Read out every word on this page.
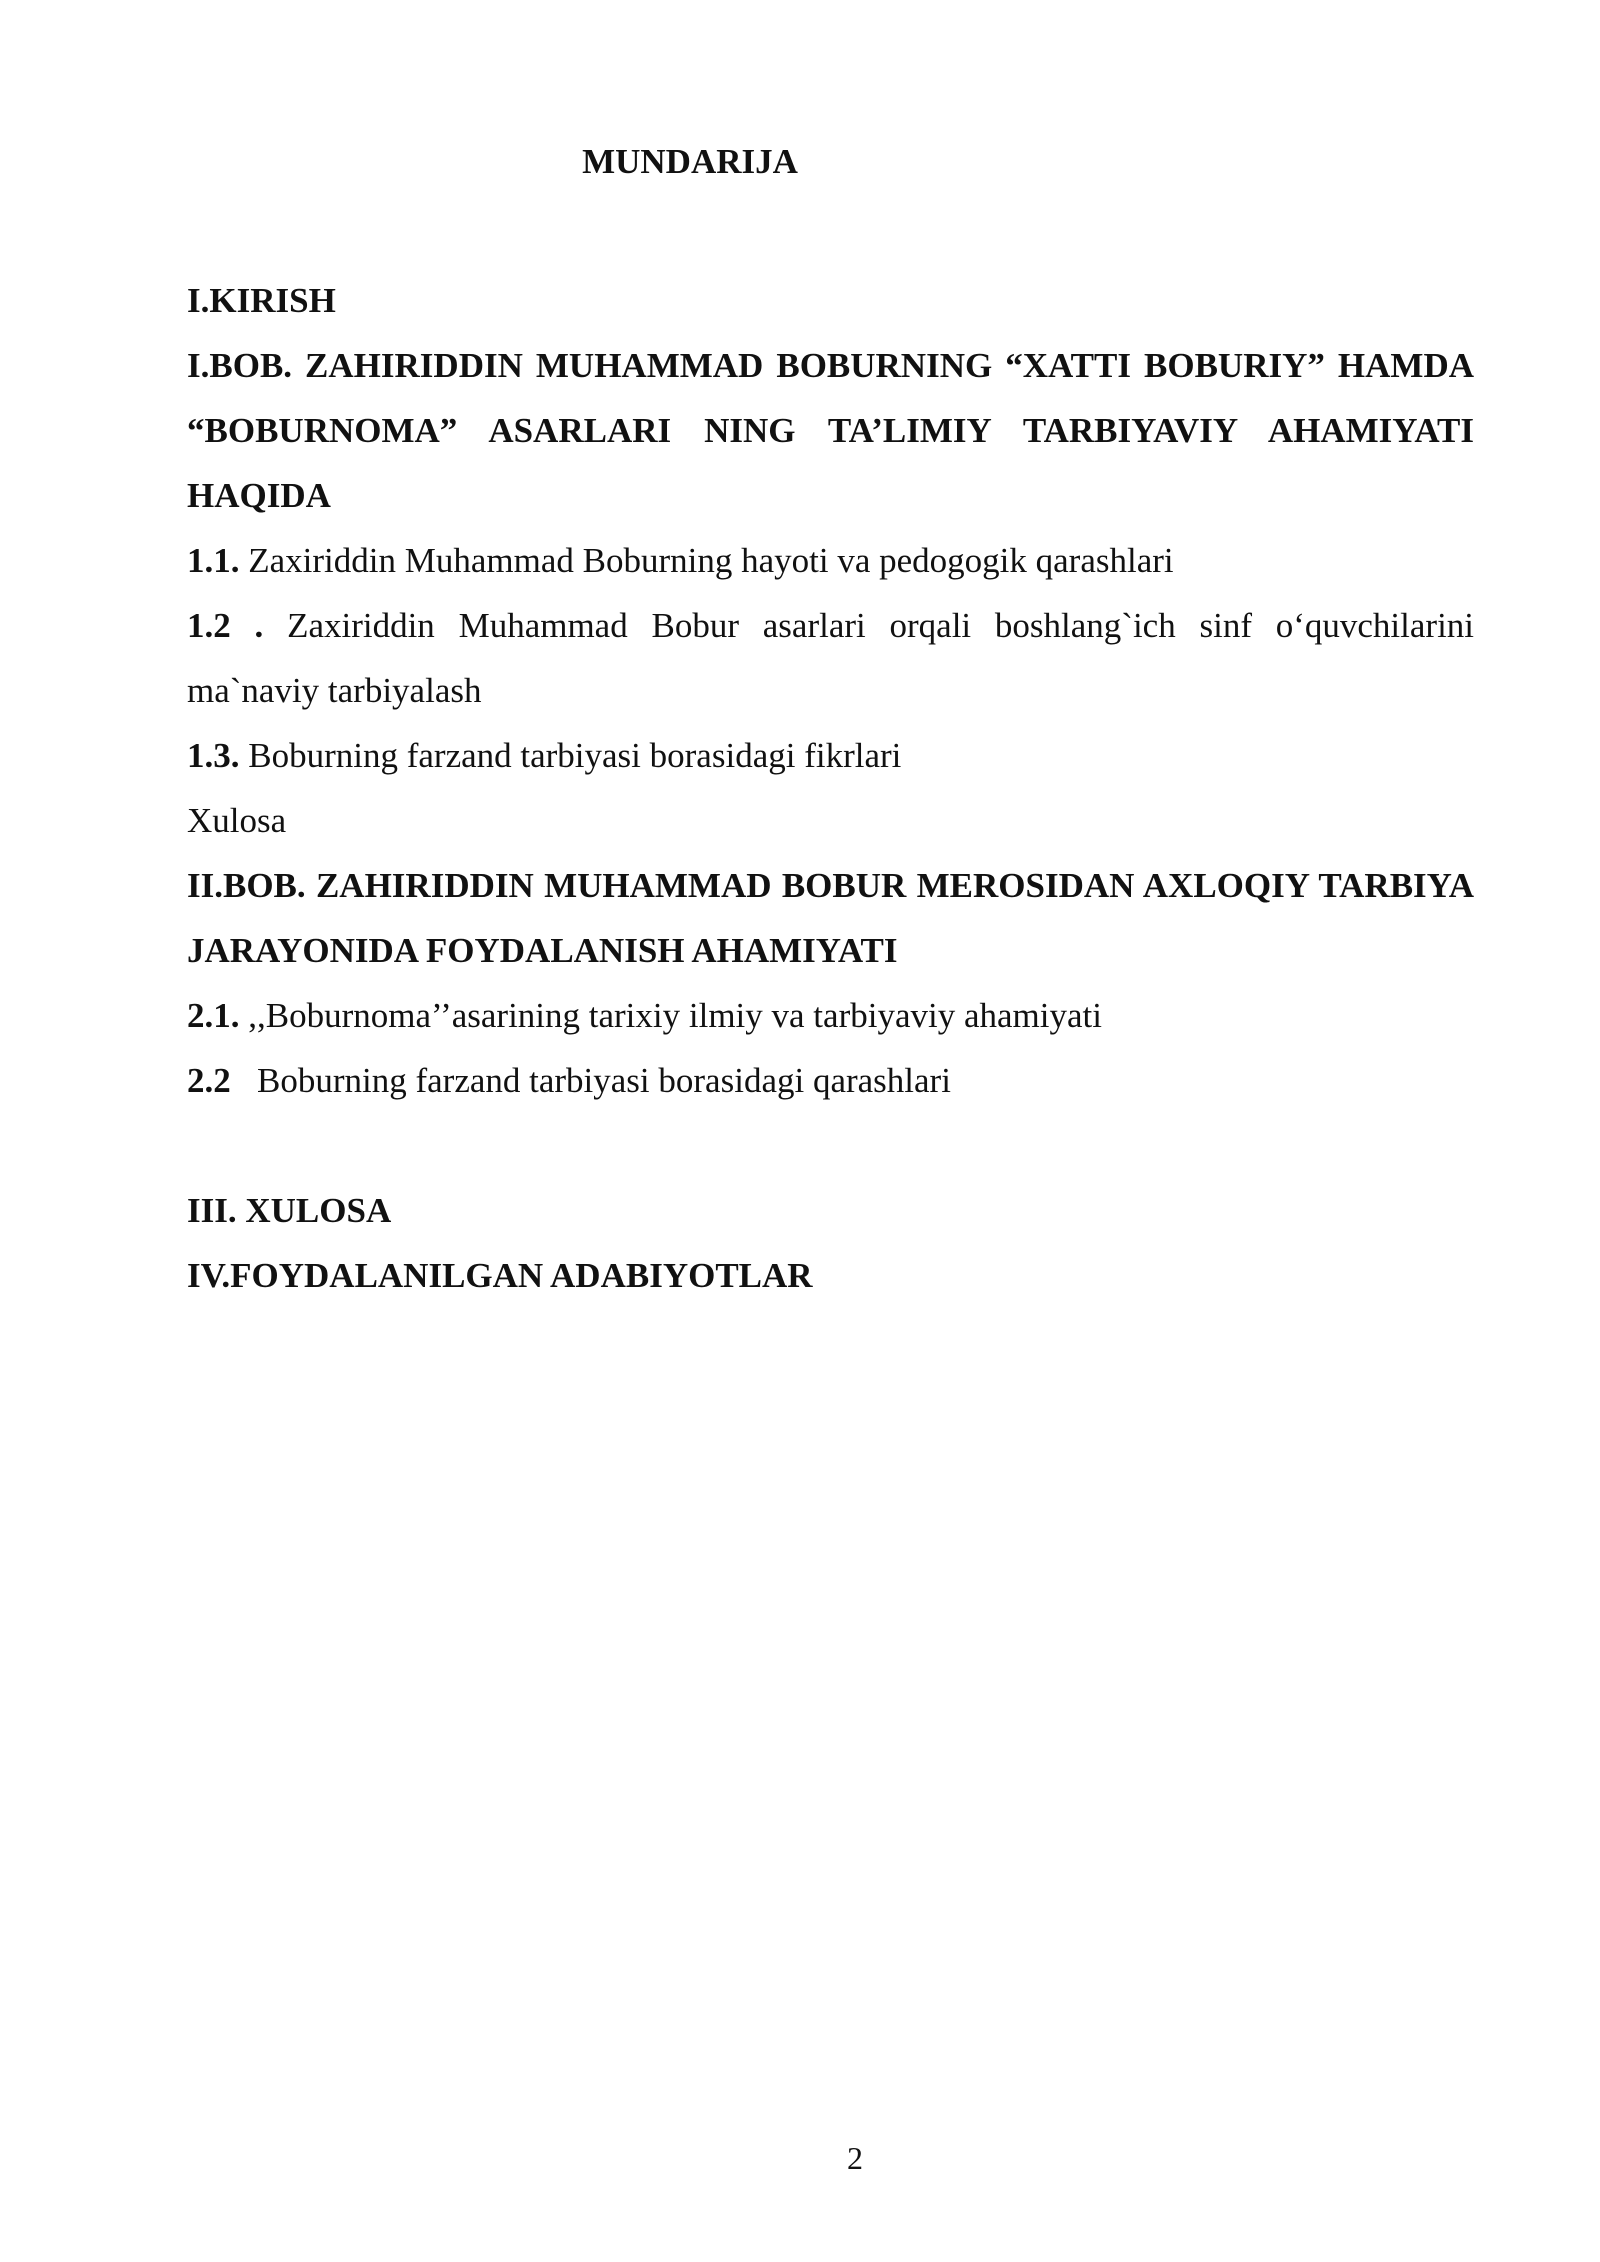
MUNDARIJA

I.KIRISH

I.BOB. ZAHIRIDDIN MUHAMMAD BOBURNING “XATTI BOBURIY” HAMDA “BOBURNOMA” ASARLARI NING TA’LIMIY TARBIYAVIY AHAMIYATI HAQIDA

1.1. Zaxiriddin Muhammad Boburning hayoti va pedogogik qarashlari

1.2 . Zaxiriddin Muhammad Bobur asarlari orqali boshlang`ich sinf o‘quvchilarini ma`naviy tarbiyalash

1.3. Boburning farzand tarbiyasi borasidagi fikrlari

Xulosa

II.BOB. ZAHIRIDDIN MUHAMMAD BOBUR MEROSIDAN AXLOQIY TARBIYA JARAYONIDA FOYDALANISH AHAMIYATI

2.1. ,,Boburnoma’’asarining tarixiy ilmiy va tarbiyaviy ahamiyati

2.2 Boburning farzand tarbiyasi borasidagi qarashlari

III. XULOSA

IV.FOYDALANILGAN ADABIYOTLAR

2
